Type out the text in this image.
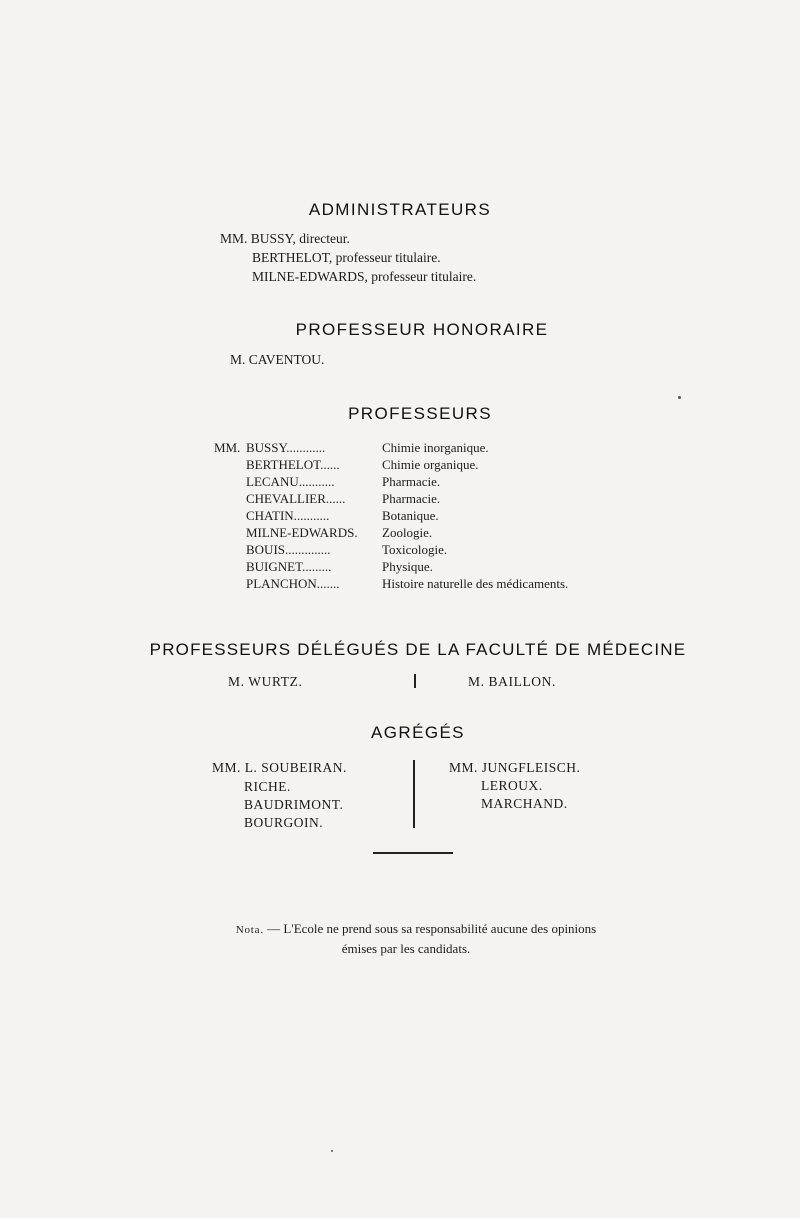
ADMINISTRATEURS
MM. BUSSY, directeur.
BERTHELOT, professeur titulaire.
MILNE-EDWARDS, professeur titulaire.
PROFESSEUR HONORAIRE
M. CAVENTOU.
PROFESSEURS
MM. BUSSY............	Chimie inorganique.
BERTHELOT......	Chimie organique.
LECANU...........	Pharmacie.
CHEVALLIER......	Pharmacie.
CHATIN...........	Botanique.
MILNE-EDWARDS.	Zoologie.
BOUIS..............	Toxicologie.
BUIGNET.........	Physique.
PLANCHON.......	Histoire naturelle des médicaments.
PROFESSEURS DÉLÉGUÉS DE LA FACULTÉ DE MÉDECINE
M. WURTZ.	M. BAILLON.
AGRÉGÉS
MM. L. SOUBEIRAN.
RICHE.
BAUDRIMONT.
BOURGOIN.
MM. JUNGFLEISCH.
LEROUX.
MARCHAND.
Nota. — L'Ecole ne prend sous sa responsabilité aucune des opinions
émises par les candidats.
